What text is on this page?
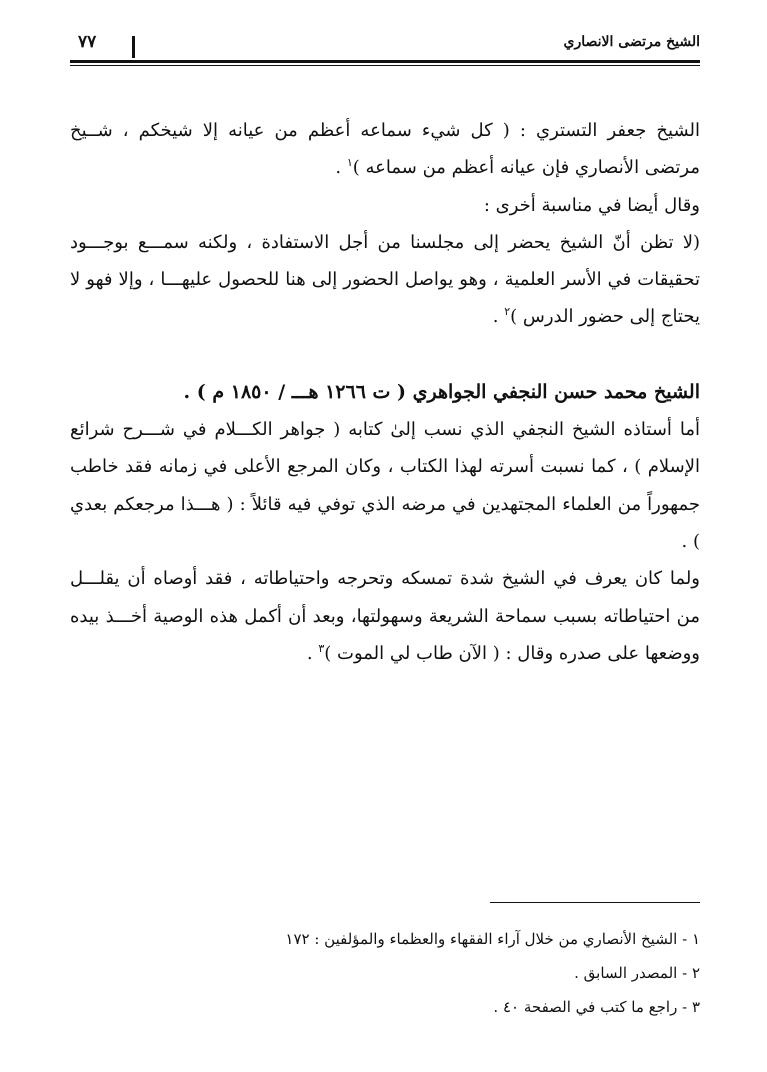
الشيخ مرتضى الانصاري
٧٧

الشيخ جعفر التستري : ( كل شيء سماعه أعظم من عيانه إلا شيخكم ، شــيخ مرتضى الأنصاري فإن عيانه أعظم من سماعه )$^١$ .

وقال أيضا في مناسبة أخرى :

(لا تظن أنّ الشيخ يحضر إلى مجلسنا من أجل الاستفادة ، ولكنه سمـــع بوجـــود تحقيقات في الأسر العلمية ، وهو يواصل الحضور إلى هنا للحصول عليهـــا ، وإلا فهو لا يحتاج إلى حضور الدرس )$^٢$ .

الشيخ محمد حسن النجفي الجواهري ( ت ١٢٦٦ هـــ / ١٨٥٠ م ) .

أما أستاذه الشيخ النجفي الذي نسب إلىٰ كتابه ( جواهر الكـــلام في شـــرح شرائع الإسلام ) ، كما نسبت أسرته لهذا الكتاب ، وكان المرجع الأعلى في زمانه فقد خاطب جمهوراً من العلماء المجتهدين في مرضه الذي توفي فيه قائلاً : ( هـــذا مرجعكم بعدي ) .

ولما كان يعرف في الشيخ شدة تمسكه وتحرجه واحتياطاته ، فقد أوصاه أن يقلـــل من احتياطاته بسبب سماحة الشريعة وسهولتها، وبعد أن أكمل هذه الوصية أخـــذ بيده ووضعها على صدره وقال : ( الآن طاب لي الموت )$^٣$ .

١ - الشيخ الأنصاري من خلال آراء الفقهاء والعظماء والمؤلفين : ١٧٢

٢ - المصدر السابق .

٣ - راجع ما كتب في الصفحة ٤٠ .
